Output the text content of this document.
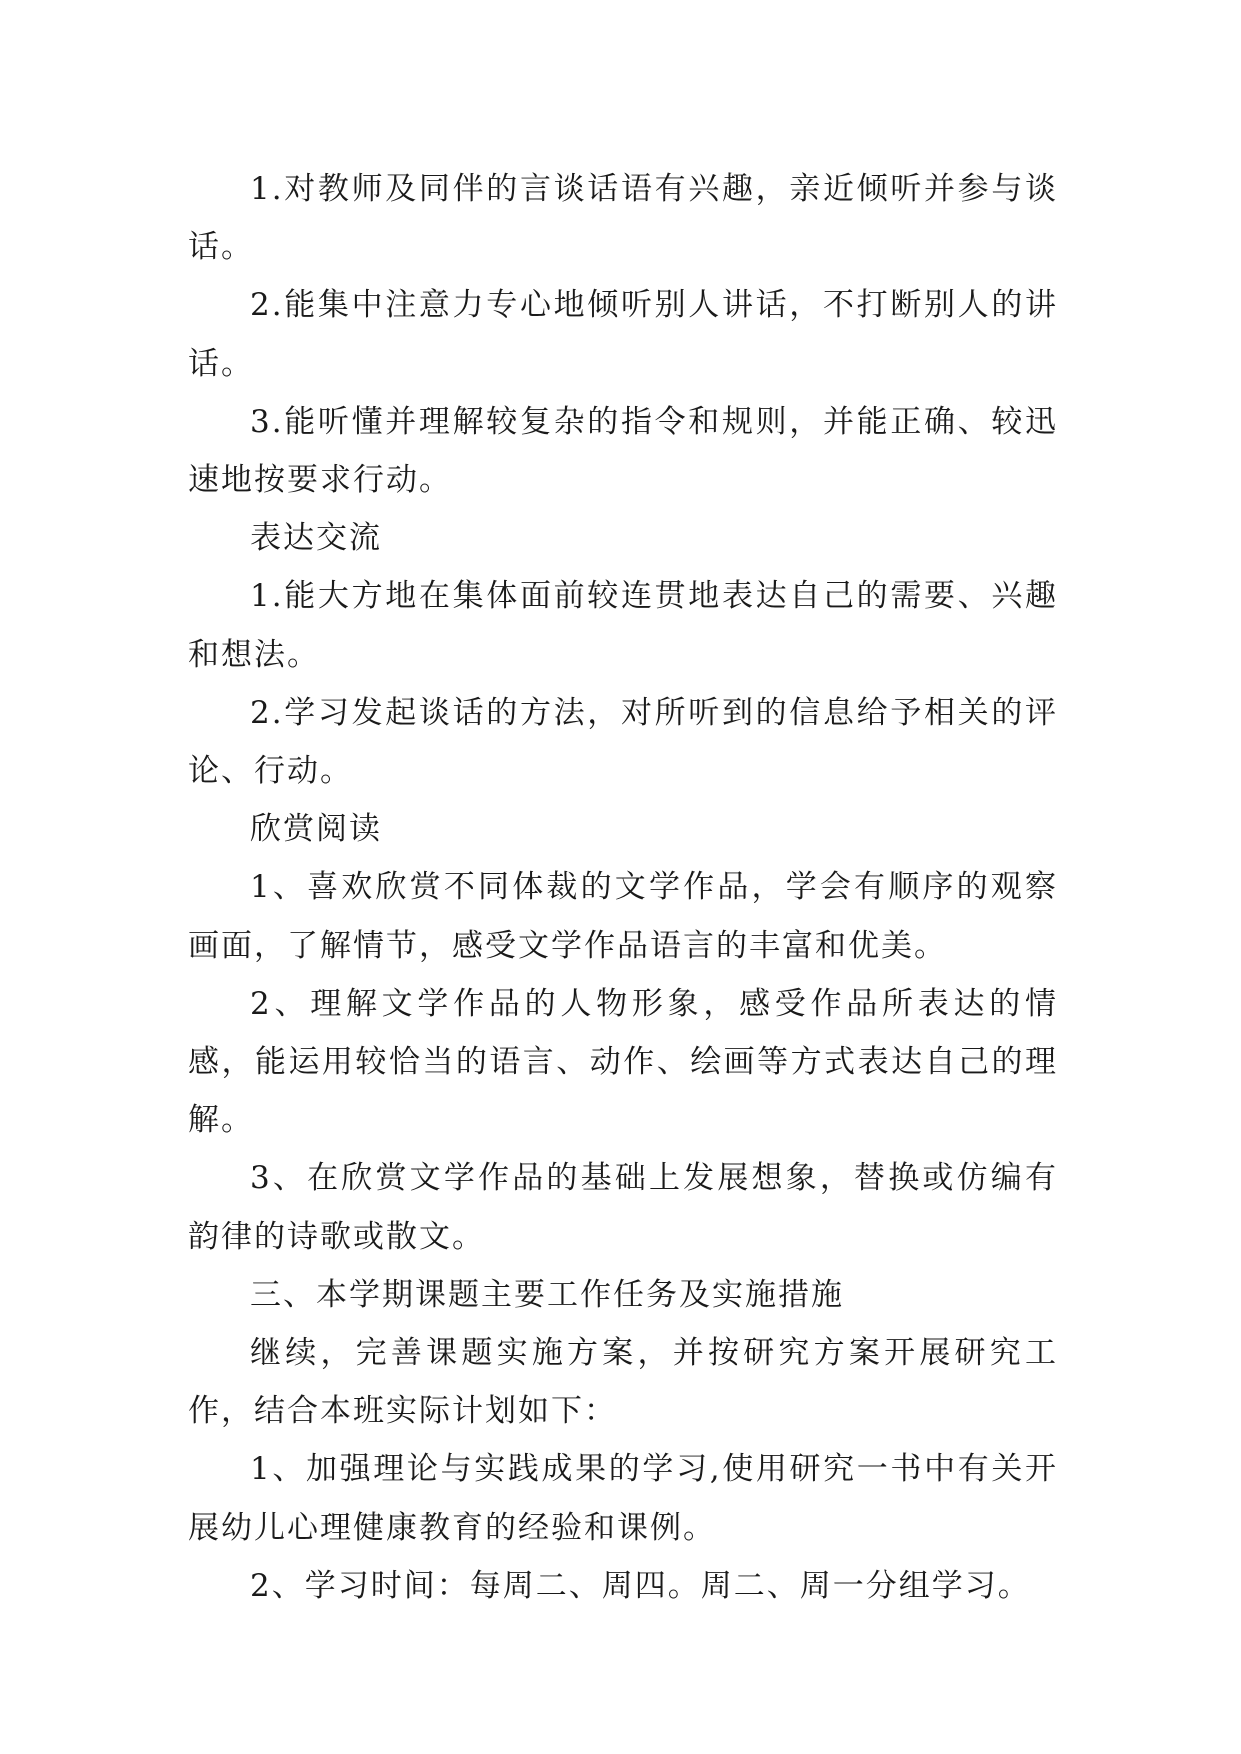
1.对教师及同伴的言谈话语有兴趣，亲近倾听并参与谈话。

2.能集中注意力专心地倾听别人讲话，不打断别人的讲话。

3.能听懂并理解较复杂的指令和规则，并能正确、较迅速地按要求行动。

表达交流

1.能大方地在集体面前较连贯地表达自己的需要、兴趣和想法。

2.学习发起谈话的方法，对所听到的信息给予相关的评论、行动。

欣赏阅读

1、喜欢欣赏不同体裁的文学作品，学会有顺序的观察画面，了解情节，感受文学作品语言的丰富和优美。

2、理解文学作品的人物形象，感受作品所表达的情感，能运用较恰当的语言、动作、绘画等方式表达自己的理解。

3、在欣赏文学作品的基础上发展想象，替换或仿编有韵律的诗歌或散文。

三、本学期课题主要工作任务及实施措施

继续，完善课题实施方案，并按研究方案开展研究工作，结合本班实际计划如下：

1、加强理论与实践成果的学习,使用研究一书中有关开展幼儿心理健康教育的经验和课例。

2、学习时间：每周二、周四。周二、周一分组学习。
